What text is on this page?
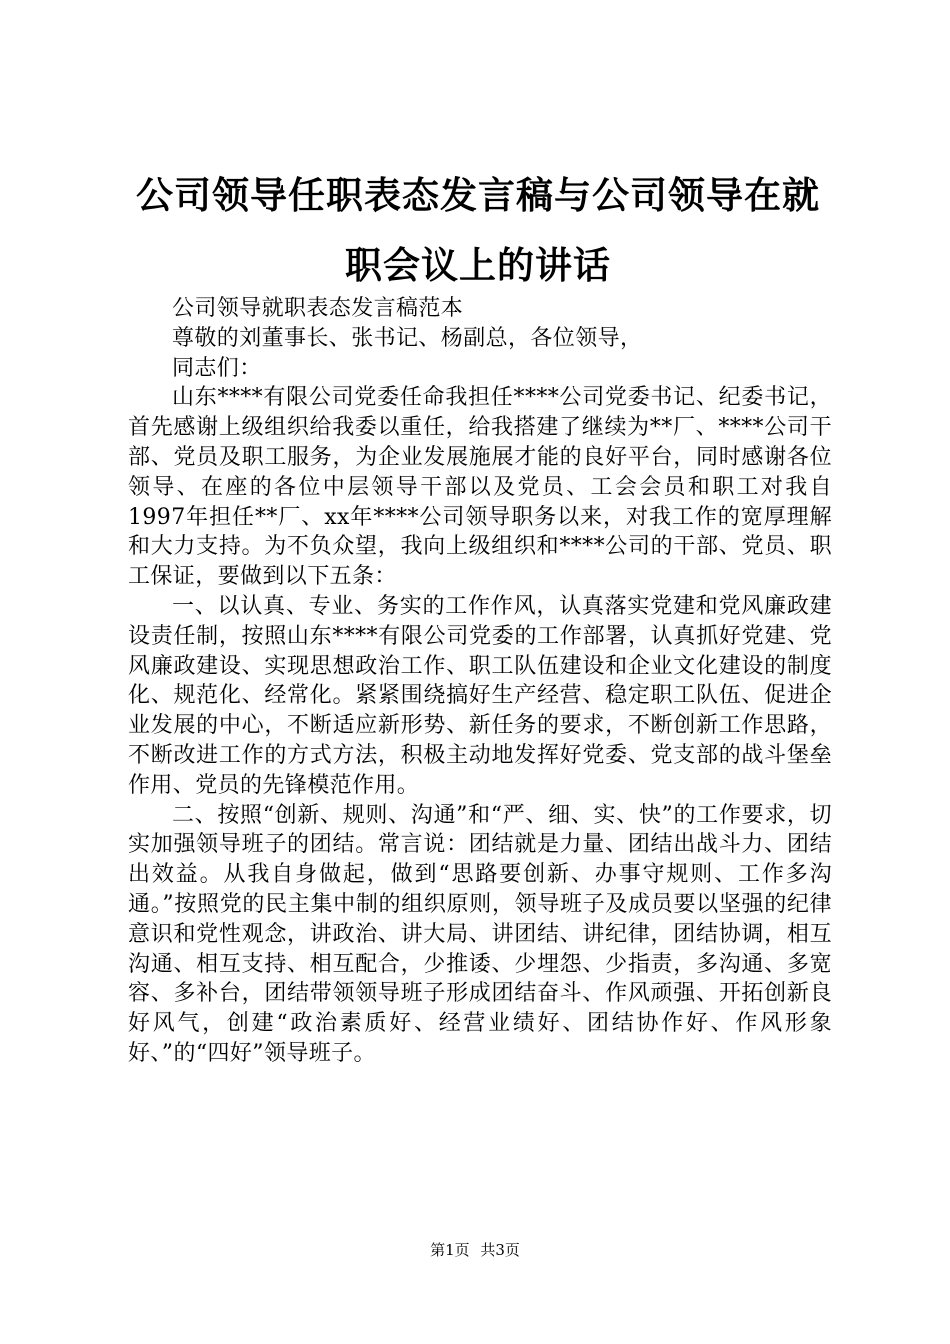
公司领导任职表态发言稿与公司领导在就职会议上的讲话

公司领导就职表态发言稿范本

尊敬的刘董事长、张书记、杨副总，各位领导，

同志们：

山东****有限公司党委任命我担任****公司党委书记、纪委书记，首先感谢上级组织给我委以重任，给我搭建了继续为**厂、****公司干部、党员及职工服务，为企业发展施展才能的良好平台，同时感谢各位领导、在座的各位中层领导干部以及党员、工会会员和职工对我自1997年担任**厂、xx年****公司领导职务以来，对我工作的宽厚理解和大力支持。为不负众望，我向上级组织和****公司的干部、党员、职工保证，要做到以下五条：

一、以认真、专业、务实的工作作风，认真落实党建和党风廉政建设责任制，按照山东****有限公司党委的工作部署，认真抓好党建、党风廉政建设、实现思想政治工作、职工队伍建设和企业文化建设的制度化、规范化、经常化。紧紧围绕搞好生产经营、稳定职工队伍、促进企业发展的中心，不断适应新形势、新任务的要求，不断创新工作思路，不断改进工作的方式方法，积极主动地发挥好党委、党支部的战斗堡垒作用、党员的先锋模范作用。

二、按照“创新、规则、沟通”和“严、细、实、快”的工作要求，切实加强领导班子的团结。常言说：团结就是力量、团结出战斗力、团结出效益。从我自身做起，做到“思路要创新、办事守规则、工作多沟通。”按照党的民主集中制的组织原则，领导班子及成员要以坚强的纪律意识和党性观念，讲政治、讲大局、讲团结、讲纪律，团结协调，相互沟通、相互支持、相互配合，少推诿、少埋怨、少指责，多沟通、多宽容、多补台，团结带领领导班子形成团结奋斗、作风顽强、开拓创新良好风气，创建“政治素质好、经营业绩好、团结协作好、作风形象好、”的“四好”领导班子。

第1页 共3页
